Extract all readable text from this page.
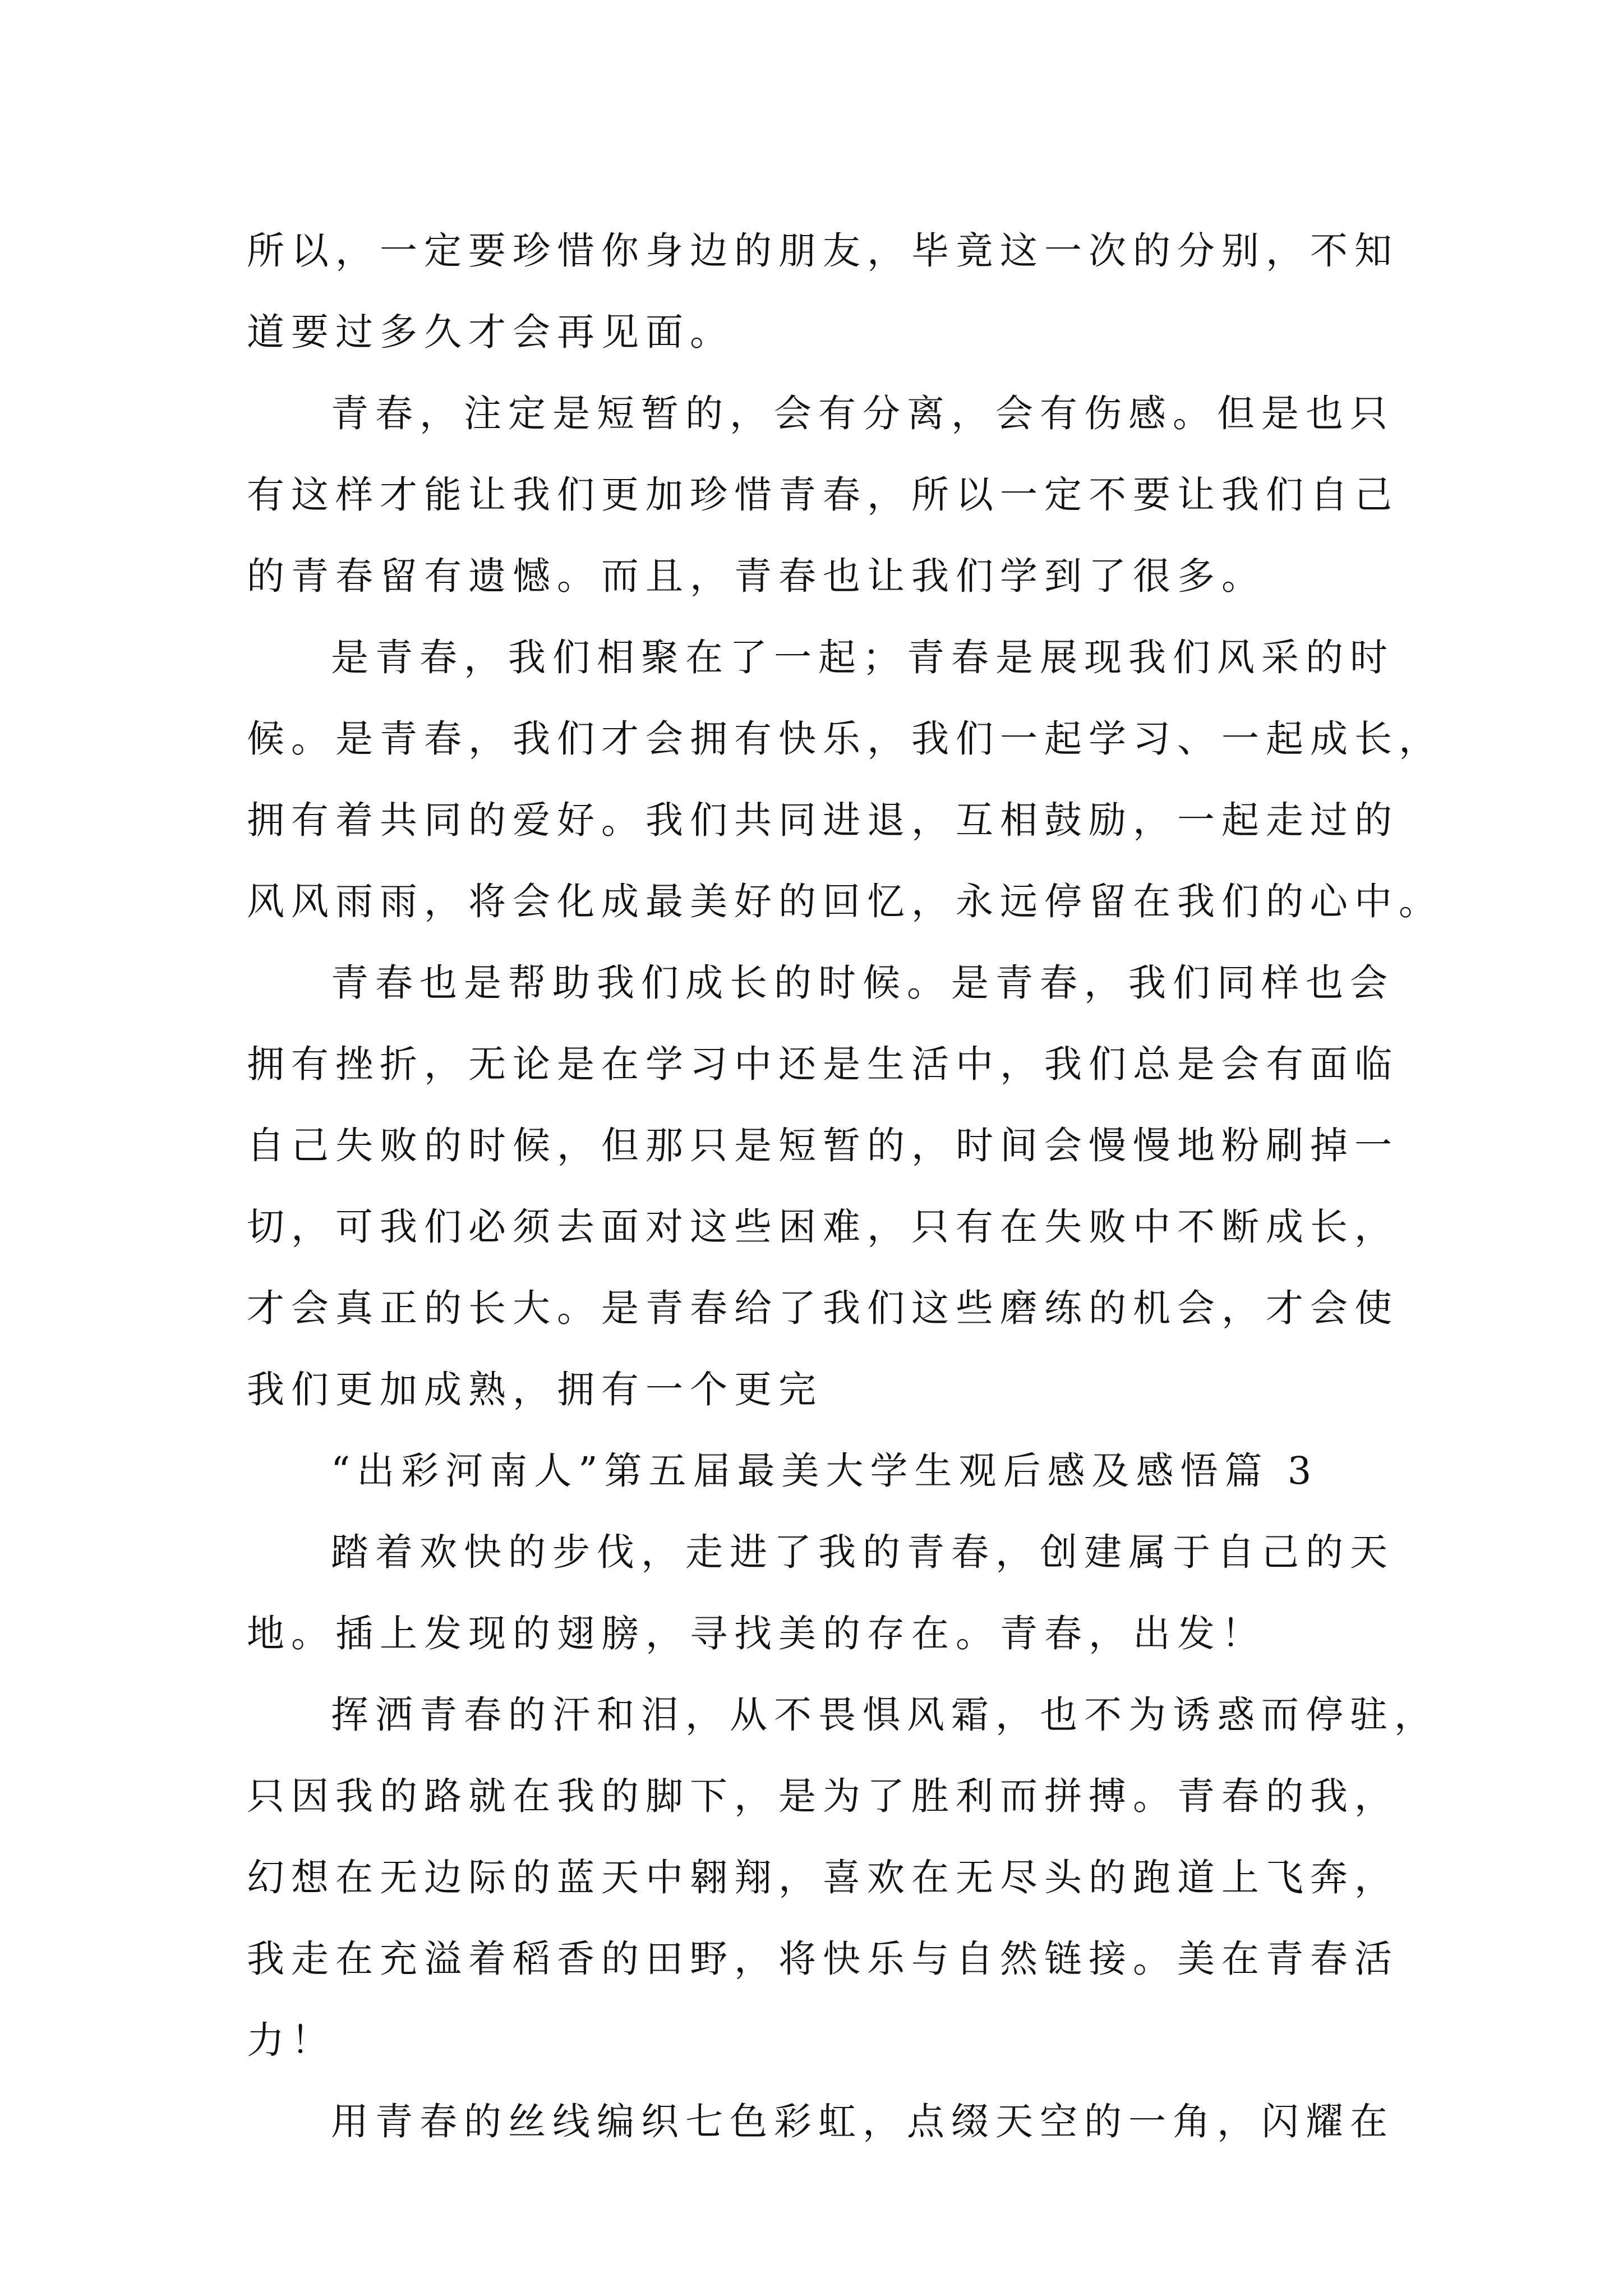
所以，一定要珍惜你身边的朋友，毕竟这一次的分别，不知
道要过多久才会再见面。
青春，注定是短暂的，会有分离，会有伤感。但是也只
有这样才能让我们更加珍惜青春，所以一定不要让我们自己
的青春留有遗憾。而且，青春也让我们学到了很多。
是青春，我们相聚在了一起；青春是展现我们风采的时
候。是青春，我们才会拥有快乐，我们一起学习、一起成长，
拥有着共同的爱好。我们共同进退，互相鼓励，一起走过的
风风雨雨，将会化成最美好的回忆，永远停留在我们的心中。
青春也是帮助我们成长的时候。是青春，我们同样也会
拥有挫折，无论是在学习中还是生活中，我们总是会有面临
自己失败的时候，但那只是短暂的，时间会慢慢地粉刷掉一
切，可我们必须去面对这些困难，只有在失败中不断成长，
才会真正的长大。是青春给了我们这些磨练的机会，才会使
我们更加成熟，拥有一个更完
“出彩河南人”第五届最美大学生观后感及感悟篇 3
踏着欢快的步伐，走进了我的青春，创建属于自己的天
地。插上发现的翅膀，寻找美的存在。青春，出发！
挥洒青春的汗和泪，从不畏惧风霜，也不为诱惑而停驻，
只因我的路就在我的脚下，是为了胜利而拼搏。青春的我，
幻想在无边际的蓝天中翱翔，喜欢在无尽头的跑道上飞奔，
我走在充溢着稻香的田野，将快乐与自然链接。美在青春活
力！
用青春的丝线编织七色彩虹，点缀天空的一角，闪耀在
